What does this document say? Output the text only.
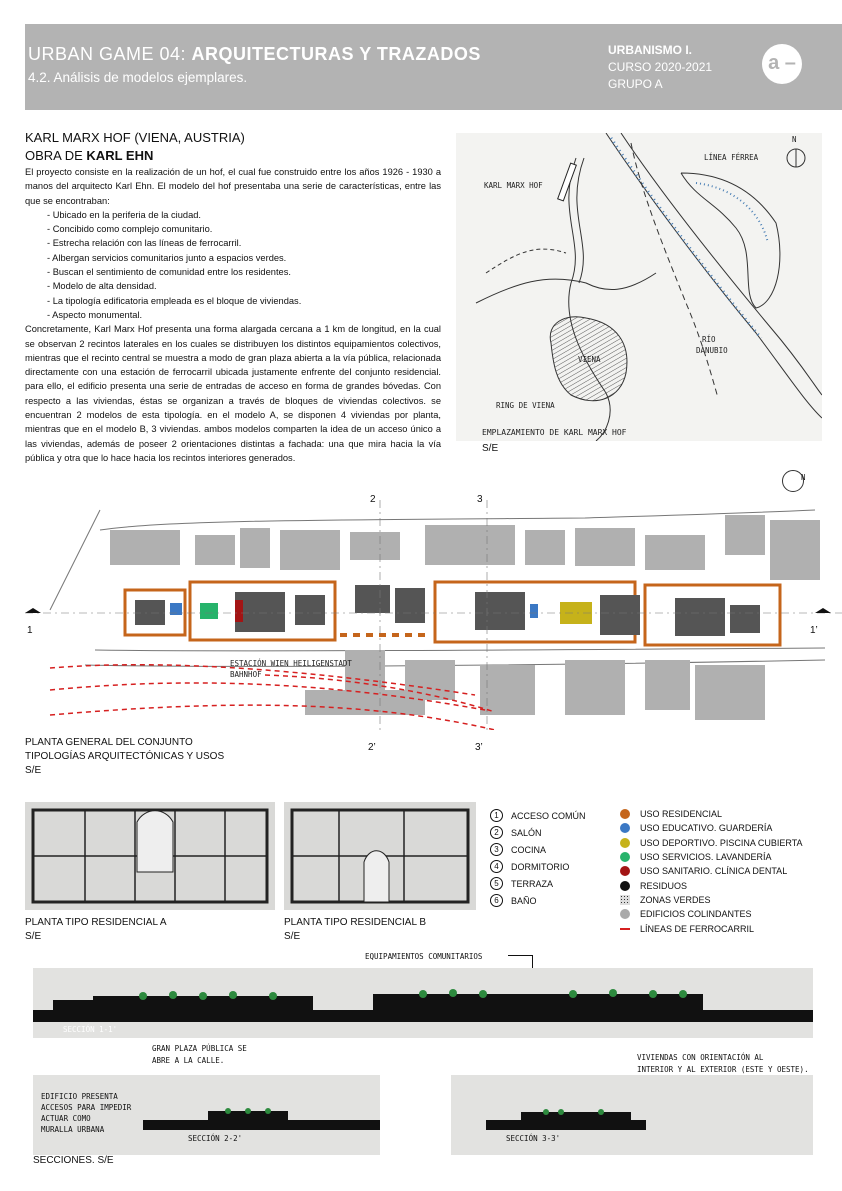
URBAN GAME 04: ARQUITECTURAS Y TRAZADOS
4.2. Análisis de modelos ejemplares.
URBANISMO I.
CURSO 2020-2021
GRUPO A
a –
KARL MARX HOF (VIENA, AUSTRIA)
OBRA DE KARL EHN

El proyecto consiste en la realización de un hof, el cual fue construido entre los años 1926 - 1930 a manos del arquitecto Karl Ehn. El modelo del hof presentaba una serie de características, entre las que se encontraban:

- Ubicado en la periferia de la ciudad.
- Concibido como complejo comunitario.
- Estrecha relación con las líneas de ferrocarril.
- Albergan servicios comunitarios junto a espacios verdes.
- Buscan el sentimiento de comunidad entre los residentes.
- Modelo de alta densidad.
- La tipología edificatoria empleada es el bloque de viviendas.
- Aspecto monumental.

Concretamente, Karl Marx Hof presenta una forma alargada cercana a 1 km de longitud, en la cual se observan 2 recintos laterales en los cuales se distribuyen los distintos equipamientos colectivos, mientras que el recinto central se muestra a modo de gran plaza abierta a la vía pública, relacionada directamente con una estación de ferrocarril ubicada justamente enfrente del conjunto residencial. para ello, el edificio presenta una serie de entradas de acceso en forma de grandes bóvedas. Con respecto a las viviendas, éstas se organizan a través de bloques de viviendas colectivos. se encuentran 2 modelos de esta tipología. en el modelo A, se disponen 4 viviendas por planta, mientras que en el modelo B, 3 viviendas. ambos modelos comparten la idea de un acceso único a las viviendas, además de poseer 2 orientaciones distintas a fachada: una que mira hacia la vía pública y otra que lo hace hacia los recintos interiores generados.

KARL MARX HOF
LÍNEA FÉRREA
N
VIENA
RÍO
DANUBIO
RING DE VIENA
EMPLAZAMIENTO DE KARL MARX HOF
S/E
2	3
1	1’
2’	3’
ESTACIÓN WIEN HEILIGENSTADT
BAHNHOF
N
PLANTA GENERAL DEL CONJUNTO
TIPOLOGÍAS ARQUITECTÓNICAS Y USOS
S/E
PLANTA TIPO RESIDENCIAL A
S/E
PLANTA TIPO RESIDENCIAL B
S/E
1	ACCESO COMÚN
2	SALÓN
3	COCINA
4	DORMITORIO
5	TERRAZA
6	BAÑO
USO RESIDENCIAL
USO EDUCATIVO. GUARDERÍA
USO DEPORTIVO. PISCINA CUBIERTA
USO SERVICIOS. LAVANDERÍA
USO SANITARIO. CLÍNICA DENTAL
RESIDUOS
ZONAS VERDES
EDIFICIOS COLINDANTES
LÍNEAS DE FERROCARRIL
EQUIPAMIENTOS COMUNITARIOS
SECCIÓN 1-1'
GRAN PLAZA PÚBLICA SE
ABRE A LA CALLE.
SECCIÓN 2-2'
EDIFICIO PRESENTA
ACCESOS PARA IMPEDIR
ACTUAR COMO
MURALLA URBANA
VIVIENDAS CON ORIENTACIÓN AL
INTERIOR Y AL EXTERIOR (ESTE Y OESTE).
SECCIÓN 3-3'
SECCIONES. S/E
